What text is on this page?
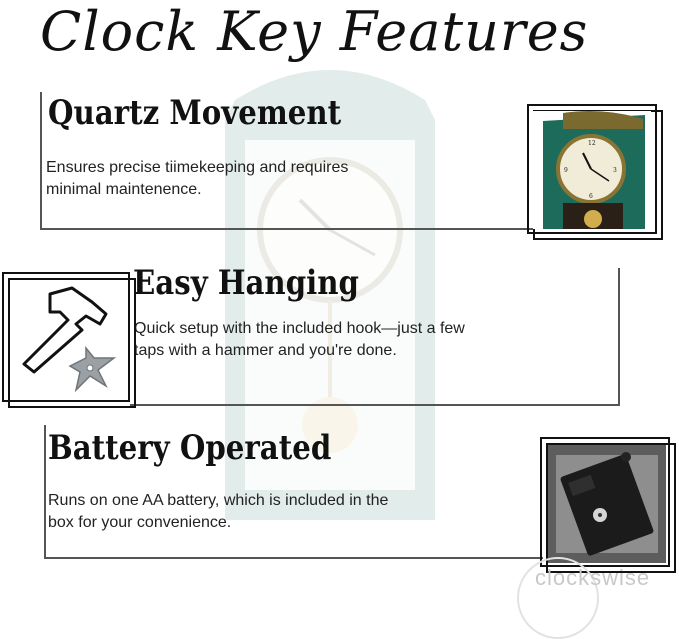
Clock Key Features
Quartz Movement
Ensures precise tiimekeeping and requires
minimal maintenence.
12
3
6
9
Easy Hanging
Quick setup with the included hook—just a few
taps with a hammer and you're done.
Battery Operated
Runs on one AA battery, which is included in the
box for your convenience.
clockswise
